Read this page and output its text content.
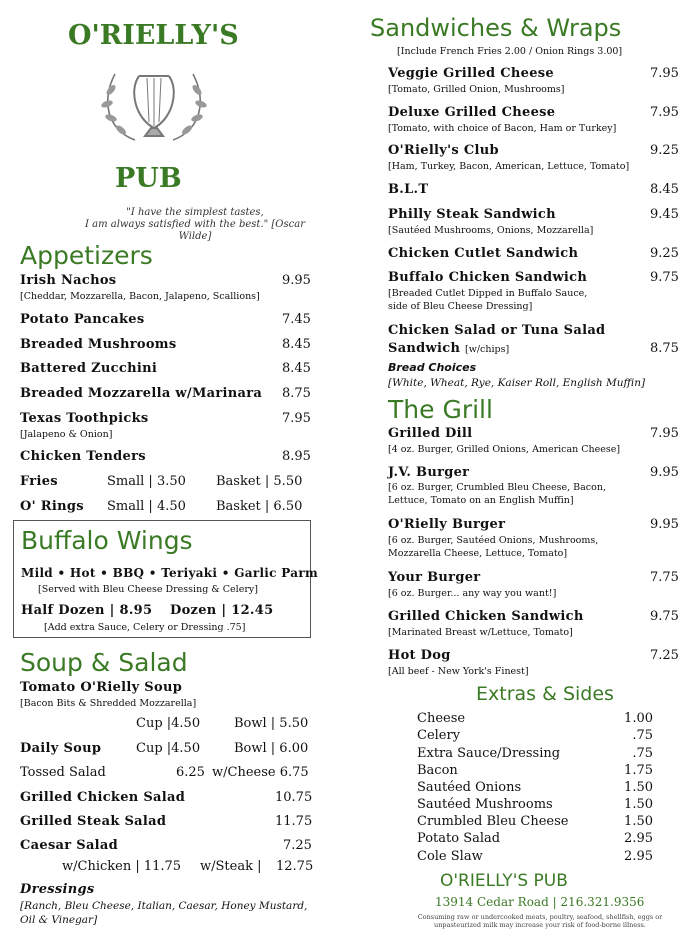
O'RIELLY'S
PUB
"I have the simplest tastes,
I am always satisfied with the best." [Oscar Wilde]
Appetizers
Irish Nachos	9.95
[Cheddar, Mozzarella, Bacon, Jalapeno, Scallions]
Potato Pancakes	7.45
Breaded Mushrooms	8.45
Battered Zucchini	8.45
Breaded Mozzarella w/Marinara 8.75
Texas Toothpicks	7.95
[Jalapeno & Onion]
Chicken Tenders	8.95
Fries	Small | 3.50 Basket | 5.50
O' Rings Small | 4.50 Basket | 6.50
Buffalo Wings
Mild • Hot • BBQ • Teriyaki • Garlic Parm
[Served with Bleu Cheese Dressing & Celery]
Half Dozen | 8.95 Dozen | 12.45
[Add extra Sauce, Celery or Dressing .75]
Soup & Salad
Tomato O'Rielly Soup
[Bacon Bits & Shredded Mozzarella]
Cup |4.50	Bowl | 5.50
Daily Soup	Cup |4.50	Bowl | 6.00
Tossed Salad	6.25 w/Cheese 6.75
Grilled Chicken Salad	10.75
Grilled Steak Salad	11.75
Caesar Salad	7.25
w/Chicken | 11.75 w/Steak | 12.75
Dressings
[Ranch, Bleu Cheese, Italian, Caesar, Honey Mustard,
Oil & Vinegar]
Sandwiches & Wraps
[Include French Fries 2.00 / Onion Rings 3.00]
Veggie Grilled Cheese	7.95
[Tomato, Grilled Onion, Mushrooms]
Deluxe Grilled Cheese	7.95
[Tomato, with choice of Bacon, Ham or Turkey]
O'Rielly's Club	9.25
[Ham, Turkey, Bacon, American, Lettuce, Tomato]
B.L.T	8.45
Philly Steak Sandwich	9.45
[Sautéed Mushrooms, Onions, Mozzarella]
Chicken Cutlet Sandwich	9.25
Buffalo Chicken Sandwich	9.75
[Breaded Cutlet Dipped in Buffalo Sauce,
side of Bleu Cheese Dressing]
Chicken Salad or Tuna Salad
Sandwich [w/chips]	8.75
Bread Choices
[White, Wheat, Rye, Kaiser Roll, English Muffin]
The Grill
Grilled Dill	7.95
[4 oz. Burger, Grilled Onions, American Cheese]
J.V. Burger	9.95
[6 oz. Burger, Crumbled Bleu Cheese, Bacon,
Lettuce, Tomato on an English Muffin]
O'Rielly Burger	9.95
[6 oz. Burger, Sautéed Onions, Mushrooms,
Mozzarella Cheese, Lettuce, Tomato]
Your Burger	7.75
[6 oz. Burger... any way you want!]
Grilled Chicken Sandwich	9.75
[Marinated Breast w/Lettuce, Tomato]
Hot Dog	7.25
[All beef - New York's Finest]
Extras & Sides
Cheese	1.00
Celery	.75
Extra Sauce/Dressing	.75
Bacon	1.75
Sautéed Onions	1.50
Sautéed Mushrooms	1.50
Crumbled Bleu Cheese	1.50
Potato Salad	2.95
Cole Slaw	2.95
O'RIELLY'S PUB
13914 Cedar Road | 216.321.9356
Consuming raw or undercooked meats, poultry, seafood, shellfish, eggs or
unpasteurized milk may increase your risk of food-borne illness.
